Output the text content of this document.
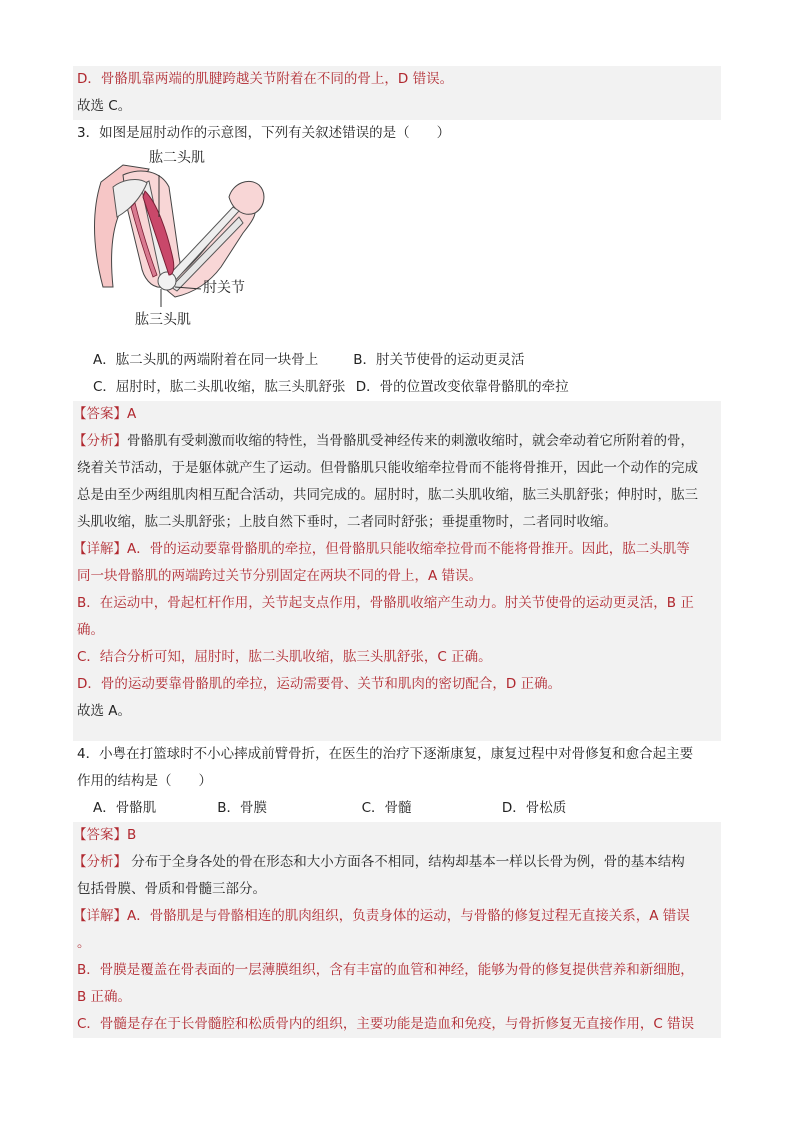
D．骨骼肌靠两端的肌腱跨越关节附着在不同的骨上，D 错误。
故选 C。
3．如图是屈肘动作的示意图，下列有关叙述错误的是（　　）
肱二头肌
肘关节
肱三头肌
A．肱二头肌的两端附着在同一块骨上	B．肘关节使骨的运动更灵活
C．屈肘时，肱二头肌收缩，肱三头肌舒张 D．骨的位置改变依靠骨骼肌的牵拉
【答案】A
【分析】骨骼肌有受刺激而收缩的特性，当骨骼肌受神经传来的刺激收缩时，就会牵动着它所附着的骨，
绕着关节活动，于是躯体就产生了运动。但骨骼肌只能收缩牵拉骨而不能将骨推开，因此一个动作的完成
总是由至少两组肌肉相互配合活动，共同完成的。屈肘时，肱二头肌收缩，肱三头肌舒张；伸肘时，肱三
头肌收缩，肱二头肌舒张；上肢自然下垂时，二者同时舒张；垂提重物时，二者同时收缩。
【详解】A．骨的运动要靠骨骼肌的牵拉，但骨骼肌只能收缩牵拉骨而不能将骨推开。因此，肱二头肌等
同一块骨骼肌的两端跨过关节分别固定在两块不同的骨上，A 错误。
B．在运动中，骨起杠杆作用，关节起支点作用，骨骼肌收缩产生动力。肘关节使骨的运动更灵活，B 正
确。
C．结合分析可知，屈肘时，肱二头肌收缩，肱三头肌舒张，C 正确。
D．骨的运动要靠骨骼肌的牵拉，运动需要骨、关节和肌肉的密切配合，D 正确。
故选 A。
4．小粤在打篮球时不小心摔成前臂骨折，在医生的治疗下逐渐康复，康复过程中对骨修复和愈合起主要
作用的结构是（　　）
A．骨骼肌	B．骨膜	C．骨髓	D．骨松质
【答案】B
【分析】 分布于全身各处的骨在形态和大小方面各不相同，结构却基本一样以长骨为例，骨的基本结构
包括骨膜、骨质和骨髓三部分。
【详解】A．骨骼肌是与骨骼相连的肌肉组织，负责身体的运动，与骨骼的修复过程无直接关系，A 错误
。
B．骨膜是覆盖在骨表面的一层薄膜组织，含有丰富的血管和神经，能够为骨的修复提供营养和新细胞，
B 正确。
C．骨髓是存在于长骨髓腔和松质骨内的组织，主要功能是造血和免疫，与骨折修复无直接作用，C 错误
